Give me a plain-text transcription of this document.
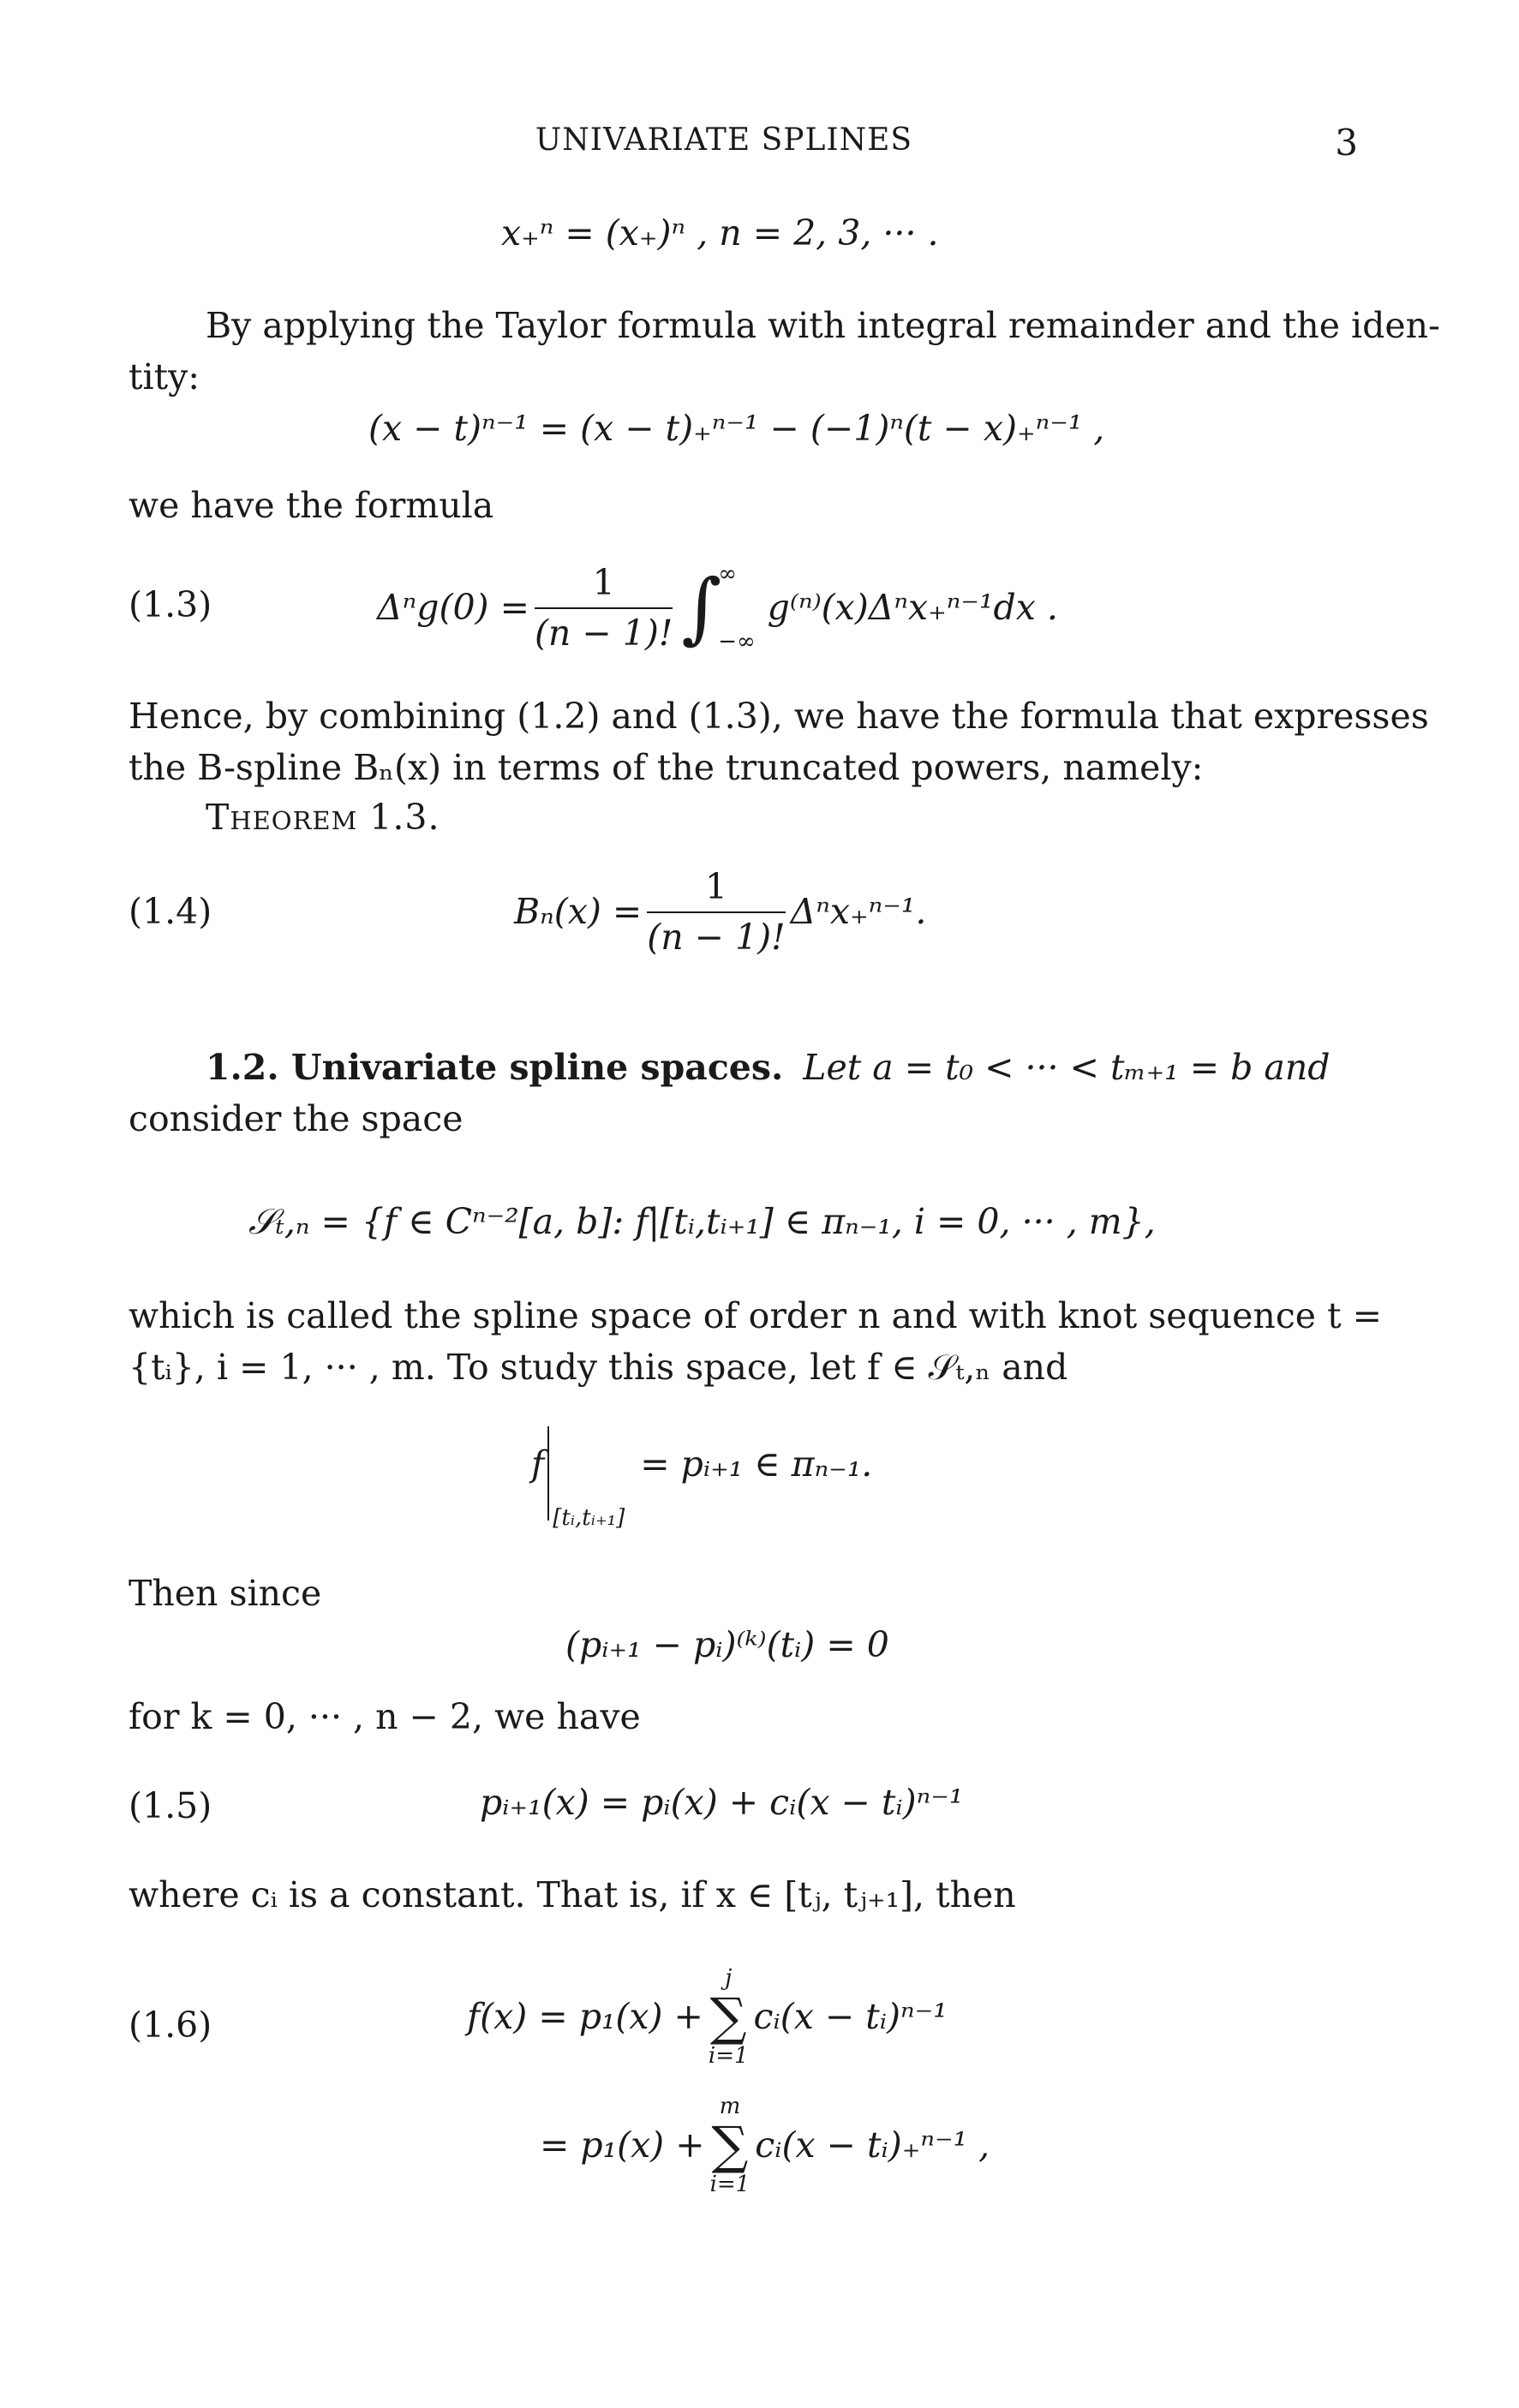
UNIVARIATE SPLINES	3
x₊ⁿ = (x₊)ⁿ , n = 2, 3, ··· .
By applying the Taylor formula with integral remainder and the iden-
tity:
(x − t)ⁿ⁻¹ = (x − t)₊ⁿ⁻¹ − (−1)ⁿ(t − x)₊ⁿ⁻¹ ,
we have the formula
(1.3)	$\Delta^ng(0) = \frac{1}{(n - 1)!}$ ∫
∞
−∞
g⁽ⁿ⁾(x)Δⁿx₊ⁿ⁻¹dx .
Hence, by combining (1.2) and (1.3), we have the formula that expresses
the B-spline Bₙ(x) in terms of the truncated powers, namely:
Theorem 1.3.
(1.4)	$B_n(x) = \frac{1}{(n - 1)!} \Delta^nx_+^{n-1}$.
1.2. Univariate spline spaces. Let a = t₀ < ··· < tₘ₊₁ = b and
consider the space
𝒮ₜ,ₙ = {f ∈ Cⁿ⁻²[a, b]: f|[tᵢ,tᵢ₊₁] ∈ πₙ₋₁, i = 0, ··· , m},
which is called the spline space of order n and with knot sequence t =
{tᵢ}, i = 1, ··· , m. To study this space, let f ∈ 𝒮ₜ,ₙ and
f
[tᵢ,tᵢ₊₁]
= pᵢ₊₁ ∈ πₙ₋₁.
Then since
(pᵢ₊₁ − pᵢ)⁽ᵏ⁾(tᵢ) = 0
for k = 0, ··· , n − 2, we have
(1.5)	pᵢ₊₁(x) = pᵢ(x) + cᵢ(x − tᵢ)ⁿ⁻¹
where cᵢ is a constant. That is, if x ∈ [tⱼ, tⱼ₊₁], then
(1.6)	f(x) = p₁(x) +
j
∑
i=1
cᵢ(x − tᵢ)ⁿ⁻¹
= p₁(x) +
m
∑
i=1
cᵢ(x − tᵢ)₊ⁿ⁻¹ ,
